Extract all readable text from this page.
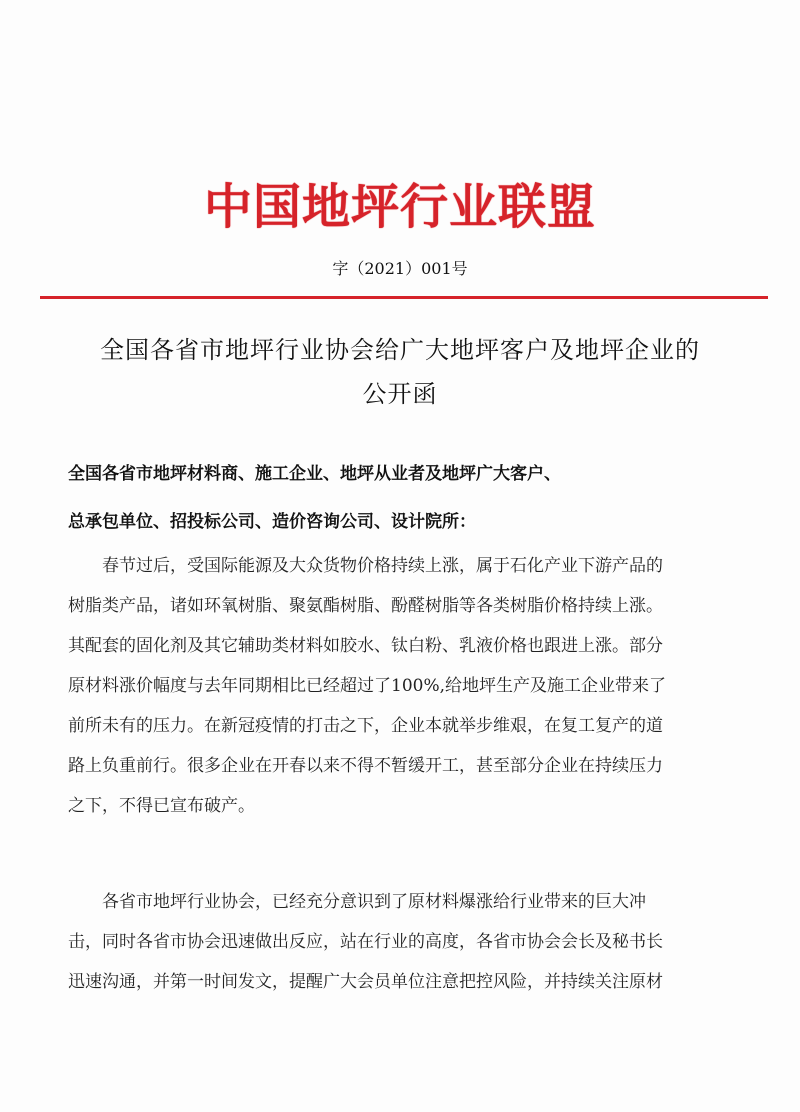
中国地坪行业联盟
字（2021）001号
全国各省市地坪行业协会给广大地坪客户及地坪企业的
公开函
全国各省市地坪材料商、施工企业、地坪从业者及地坪广大客户、
总承包单位、招投标公司、造价咨询公司、设计院所：
春节过后，受国际能源及大众货物价格持续上涨，属于石化产业下游产品的
树脂类产品，诸如环氧树脂、聚氨酯树脂、酚醛树脂等各类树脂价格持续上涨。
其配套的固化剂及其它辅助类材料如胶水、钛白粉、乳液价格也跟进上涨。部分
原材料涨价幅度与去年同期相比已经超过了100%,给地坪生产及施工企业带来了
前所未有的压力。在新冠疫情的打击之下，企业本就举步维艰，在复工复产的道
路上负重前行。很多企业在开春以来不得不暂缓开工，甚至部分企业在持续压力
之下，不得已宣布破产。
各省市地坪行业协会，已经充分意识到了原材料爆涨给行业带来的巨大冲
击，同时各省市协会迅速做出反应，站在行业的高度，各省市协会会长及秘书长
迅速沟通，并第一时间发文，提醒广大会员单位注意把控风险，并持续关注原材
